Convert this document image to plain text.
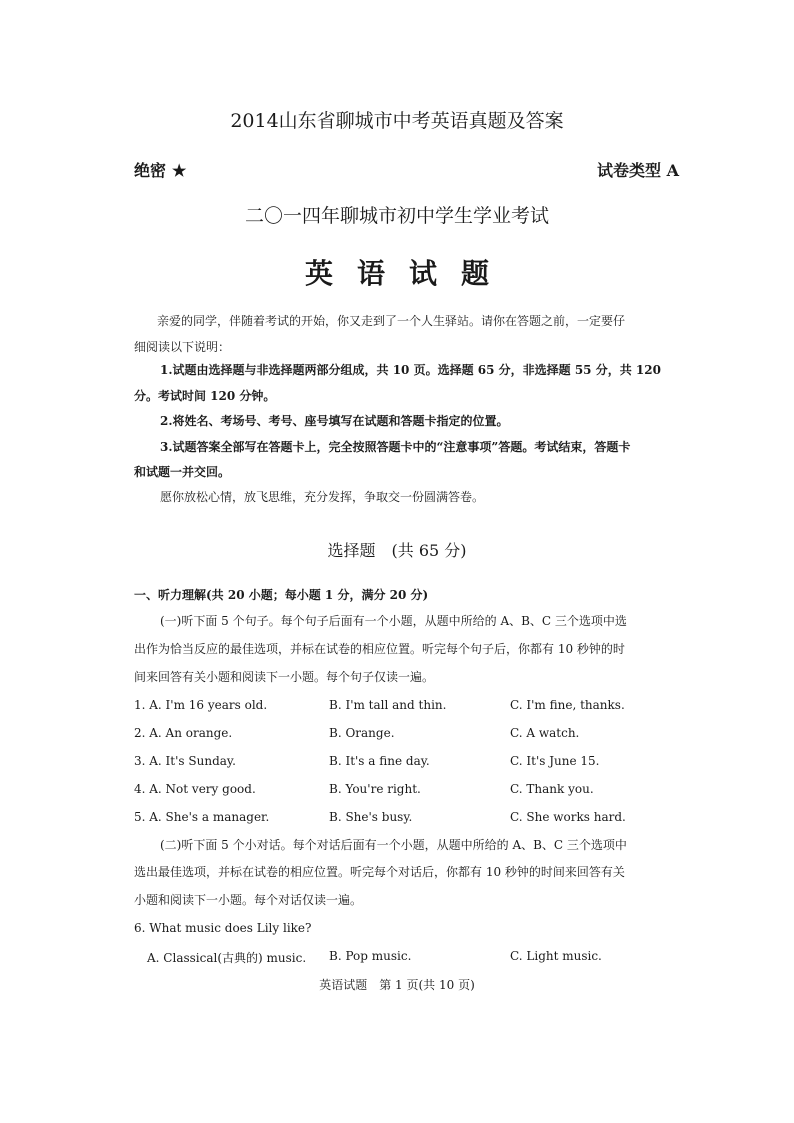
2014山东省聊城市中考英语真题及答案
绝密 ★	试卷类型 A
二〇一四年聊城市初中学生学业考试
英语试题
亲爱的同学，伴随着考试的开始，你又走到了一个人生驿站。请你在答题之前，一定要仔
细阅读以下说明：
1.试题由选择题与非选择题两部分组成，共 10 页。选择题 65 分，非选择题 55 分，共 120
分。考试时间 120 分钟。
2.将姓名、考场号、考号、座号填写在试题和答题卡指定的位置。
3.试题答案全部写在答题卡上，完全按照答题卡中的“注意事项”答题。考试结束，答题卡
和试题一并交回。
愿你放松心情，放飞思维，充分发挥，争取交一份圆满答卷。
选择题　(共 65 分)
一、听力理解(共 20 小题；每小题 1 分，满分 20 分)
(一)听下面 5 个句子。每个句子后面有一个小题，从题中所给的 A、B、C 三个选项中选
出作为恰当反应的最佳选项，并标在试卷的相应位置。听完每个句子后，你都有 10 秒钟的时
间来回答有关小题和阅读下一小题。每个句子仅读一遍。
1. A. I'm 16 years old.	B. I'm tall and thin.	C. I'm fine, thanks.
2. A. An orange.	B. Orange.	C. A watch.
3. A. It's Sunday.	B. It's a fine day.	C. It's June 15.
4. A. Not very good.	B. You're right.	C. Thank you.
5. A. She's a manager.	B. She's busy.	C. She works hard.
(二)听下面 5 个小对话。每个对话后面有一个小题，从题中所给的 A、B、C 三个选项中
选出最佳选项，并标在试卷的相应位置。听完每个对话后，你都有 10 秒钟的时间来回答有关
小题和阅读下一小题。每个对话仅读一遍。
6. What music does Lily like?
A. Classical(古典的) music. B. Pop music.	C. Light music.
英语试题　第 1 页(共 10 页)
